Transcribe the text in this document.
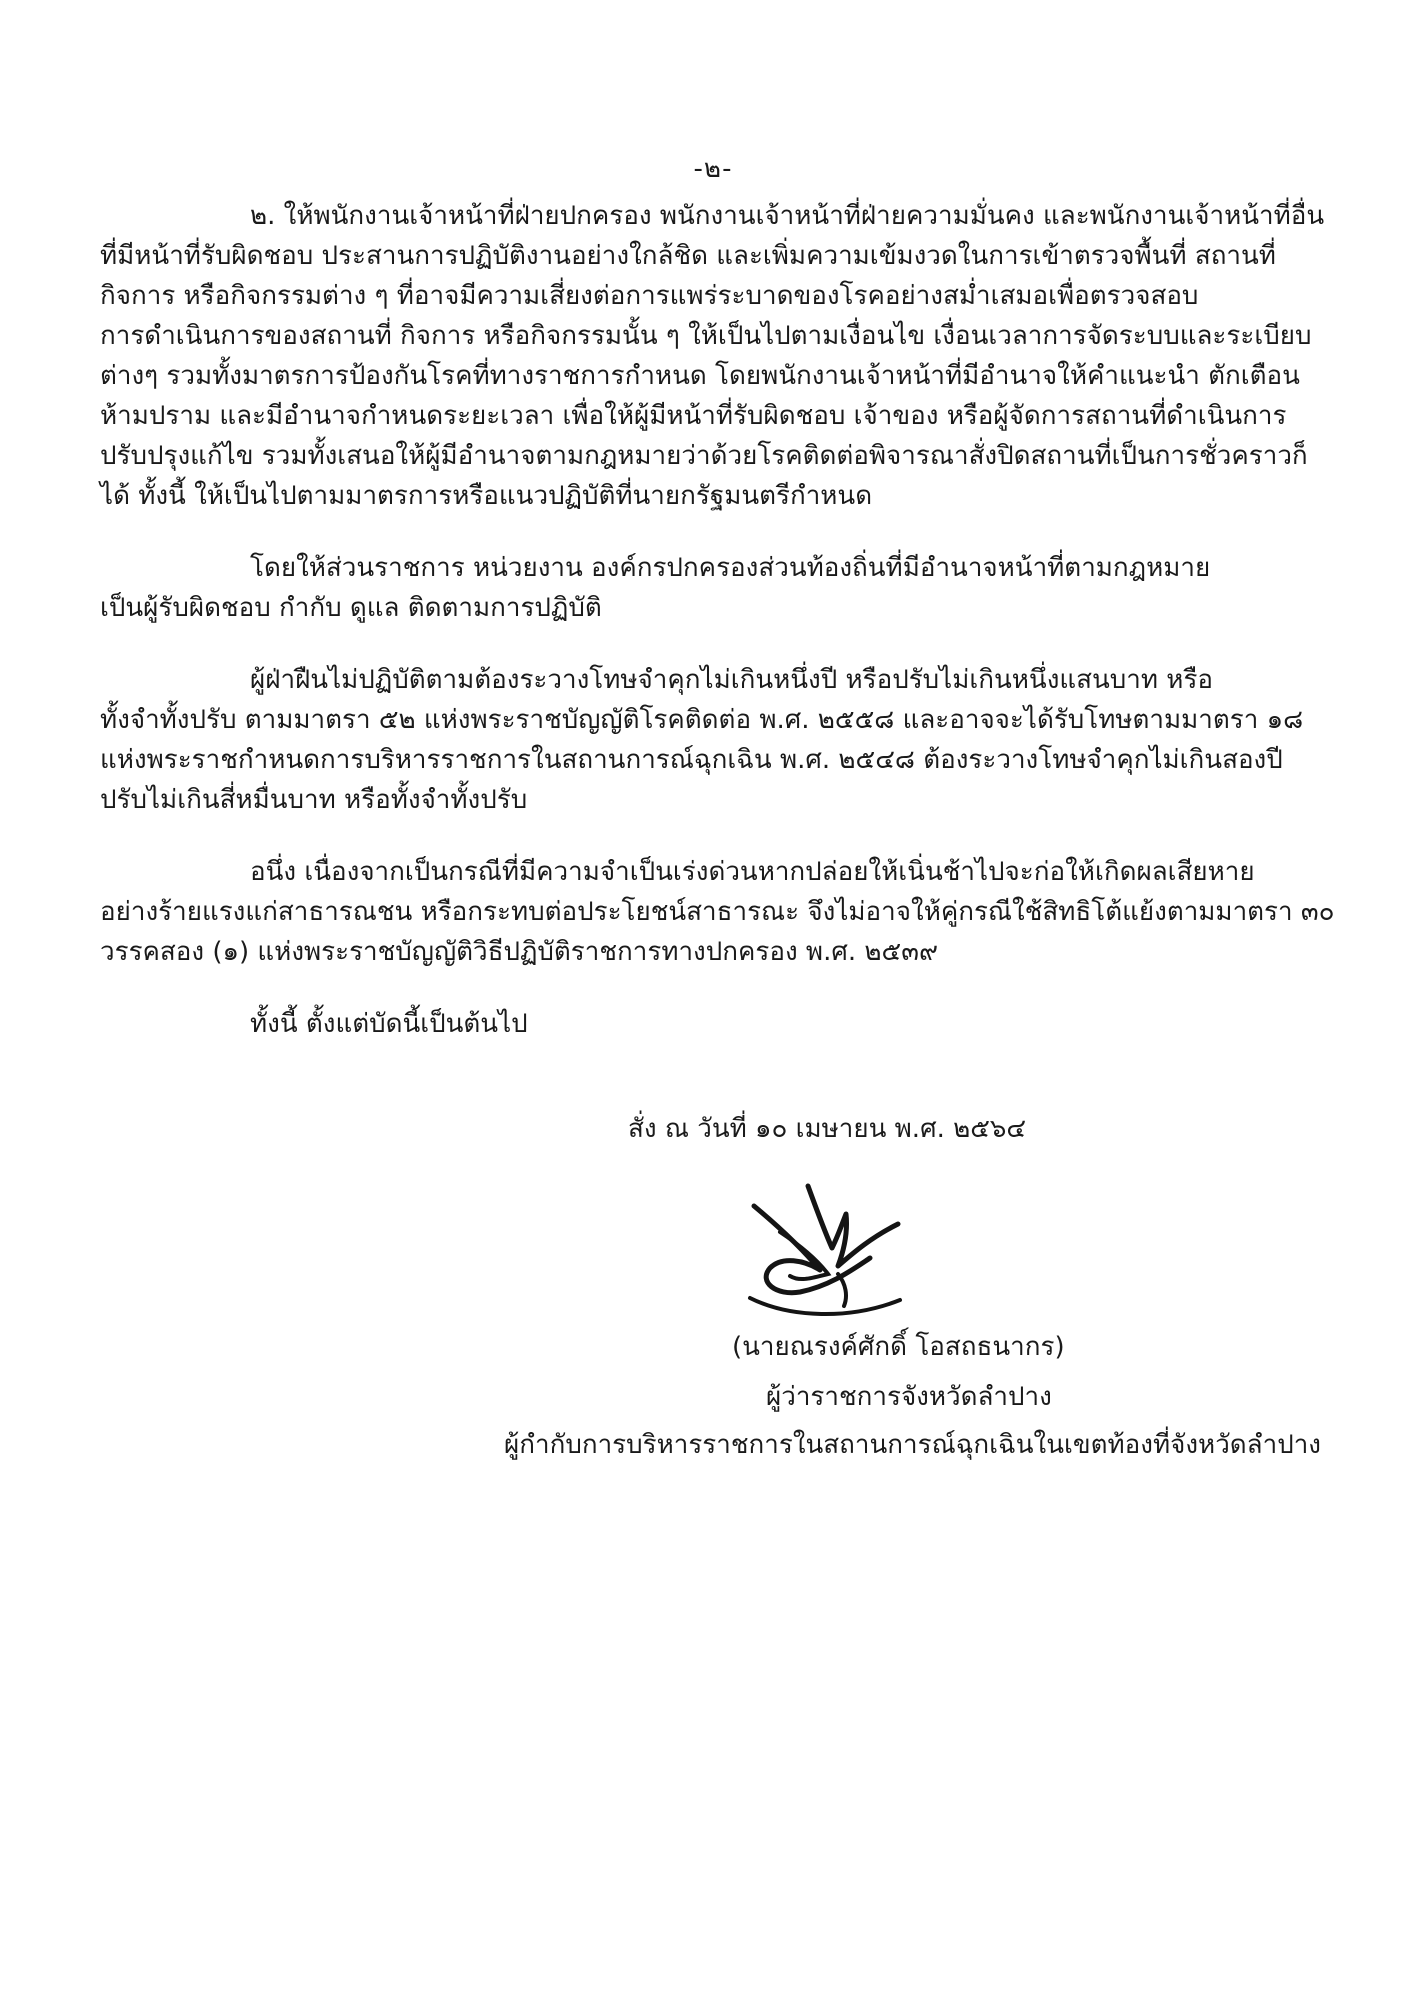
-๒-
๒. ให้พนักงานเจ้าหน้าที่ฝ่ายปกครอง พนักงานเจ้าหน้าที่ฝ่ายความมั่นคง และพนักงานเจ้าหน้าที่อื่น
ที่มีหน้าที่รับผิดชอบ ประสานการปฏิบัติงานอย่างใกล้ชิด และเพิ่มความเข้มงวดในการเข้าตรวจพื้นที่ สถานที่
กิจการ หรือกิจกรรมต่าง ๆ ที่อาจมีความเสี่ยงต่อการแพร่ระบาดของโรคอย่างสม่ำเสมอเพื่อตรวจสอบ
การดำเนินการของสถานที่ กิจการ หรือกิจกรรมนั้น ๆ ให้เป็นไปตามเงื่อนไข เงื่อนเวลาการจัดระบบและระเบียบ
ต่างๆ รวมทั้งมาตรการป้องกันโรคที่ทางราชการกำหนด โดยพนักงานเจ้าหน้าที่มีอำนาจให้คำแนะนำ ตักเตือน
ห้ามปราม และมีอำนาจกำหนดระยะเวลา เพื่อให้ผู้มีหน้าที่รับผิดชอบ เจ้าของ หรือผู้จัดการสถานที่ดำเนินการ
ปรับปรุงแก้ไข รวมทั้งเสนอให้ผู้มีอำนาจตามกฎหมายว่าด้วยโรคติดต่อพิจารณาสั่งปิดสถานที่เป็นการชั่วคราวก็
ได้ ทั้งนี้ ให้เป็นไปตามมาตรการหรือแนวปฏิบัติที่นายกรัฐมนตรีกำหนด
โดยให้ส่วนราชการ หน่วยงาน องค์กรปกครองส่วนท้องถิ่นที่มีอำนาจหน้าที่ตามกฎหมาย
เป็นผู้รับผิดชอบ กำกับ ดูแล ติดตามการปฏิบัติ
ผู้ฝ่าฝืนไม่ปฏิบัติตามต้องระวางโทษจำคุกไม่เกินหนึ่งปี หรือปรับไม่เกินหนึ่งแสนบาท หรือ
ทั้งจำทั้งปรับ ตามมาตรา ๕๒ แห่งพระราชบัญญัติโรคติดต่อ พ.ศ. ๒๕๕๘ และอาจจะได้รับโทษตามมาตรา ๑๘
แห่งพระราชกำหนดการบริหารราชการในสถานการณ์ฉุกเฉิน พ.ศ. ๒๕๔๘ ต้องระวางโทษจำคุกไม่เกินสองปี
ปรับไม่เกินสี่หมื่นบาท หรือทั้งจำทั้งปรับ
อนึ่ง เนื่องจากเป็นกรณีที่มีความจำเป็นเร่งด่วนหากปล่อยให้เนิ่นช้าไปจะก่อให้เกิดผลเสียหาย
อย่างร้ายแรงแก่สาธารณชน หรือกระทบต่อประโยชน์สาธารณะ จึงไม่อาจให้คู่กรณีใช้สิทธิโต้แย้งตามมาตรา ๓๐
วรรคสอง (๑) แห่งพระราชบัญญัติวิธีปฏิบัติราชการทางปกครอง พ.ศ. ๒๕๓๙
ทั้งนี้ ตั้งแต่บัดนี้เป็นต้นไป
สั่ง ณ วันที่ ๑๐ เมษายน พ.ศ. ๒๕๖๔
(นายณรงค์ศักดิ์ โอสถธนากร)
ผู้ว่าราชการจังหวัดลำปาง
ผู้กำกับการบริหารราชการในสถานการณ์ฉุกเฉินในเขตท้องที่จังหวัดลำปาง
